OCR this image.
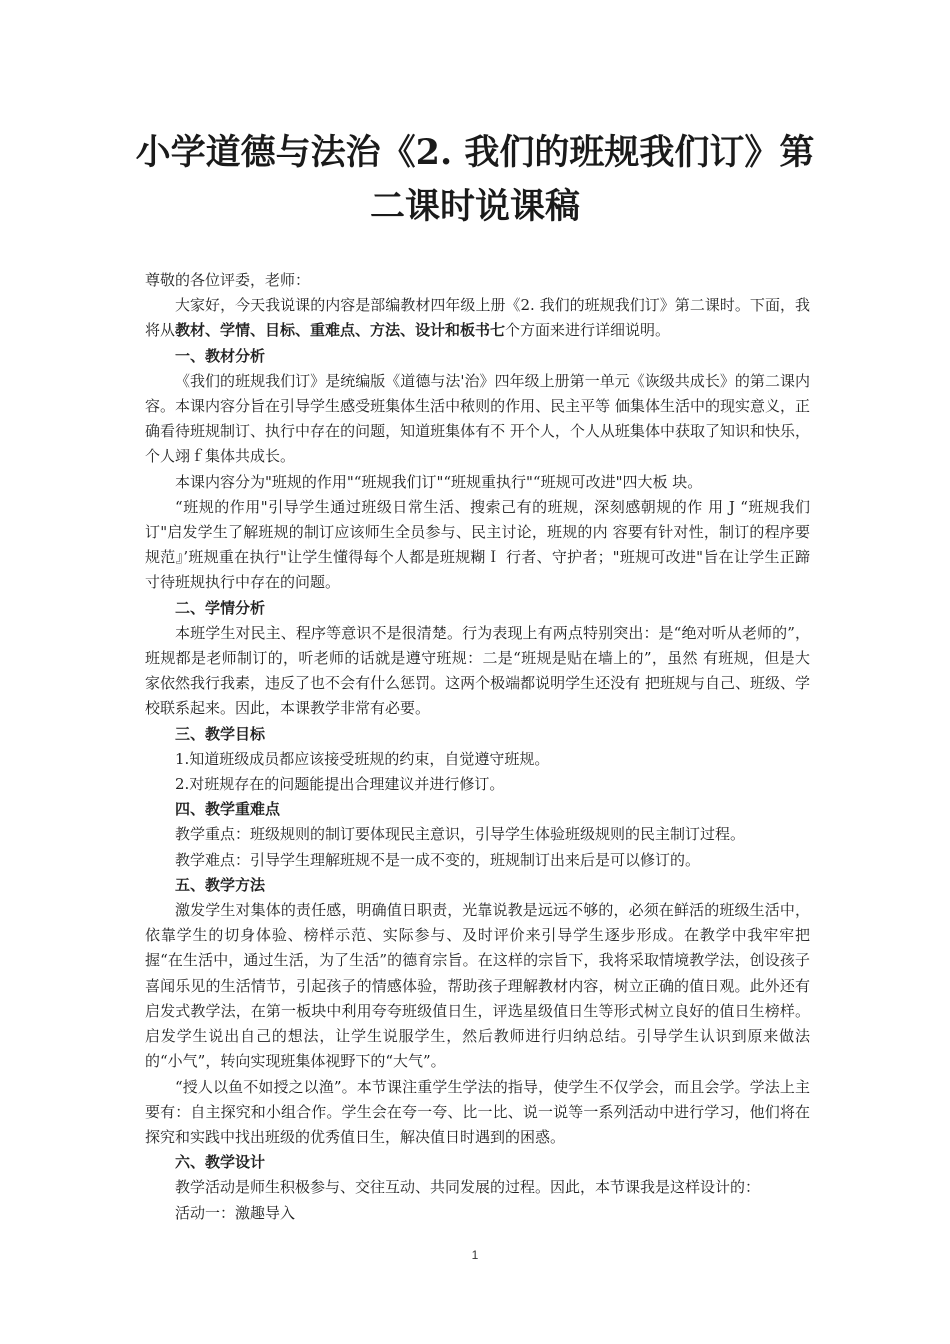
小学道德与法治《2. 我们的班规我们订》第二课时说课稿

尊敬的各位评委，老师：

大家好，今天我说课的内容是部编教材四年级上册《2. 我们的班规我们订》第二课时。下面，我将从教材、学情、目标、重难点、方法、设计和板书七个方面来进行详细说明。

一、教材分析

《我们的班规我们订》是统编版《道德与法'治》四年级上册第一单元《诙级共成长》的第二课内容。本课内容分旨在引导学生感受班集体生活中秾则的作用、民主平等 価集体生活中的现实意义，正确看待班规制订、执行中存在的问题，知道班集体有不 开个人，个人从班集体中获取了知识和快乐，个人翊ｆ集体共成长。

本课内容分为"班规的作用"“班规我们订"“班规重执行"“班规可改进"四大板 块。

“班规的作用"引导学生通过班级日常生活、搜索己有的班规，深刻感朝规的作 用 J “班规我们订"启发学生了解班规的制订应该师生全员参与、民主讨论，班规的内 容要有针对性，制订的程序要规范』’班规重在执行"让学生懂得每个人都是班规糊Ｉ 行者、守护者；"班规可改进"旨在让学生正蹄寸待班规执行中存在的问题。

二、学情分析

本班学生对民主、程序等意识不是很清楚。行为表现上有两点特别突出：是“绝对听从老师的”，班规都是老师制订的，听老师的话就是遵守班规：二是“班规是贴在墙上的”，虽然 有班规，但是大家依然我行我素，违反了也不会有什么惩罚。这两个极端都说明学生还没有 把班规与自己、班级、学校联系起来。因此，本课教学非常有必要。

三、教学目标

1.知道班级成员都应该接受班规的约束，自觉遵守班规。

2.对班规存在的问题能提出合理建议并进行修订。

四、教学重难点

教学重点：班级规则的制订要体现民主意识，引导学生体验班级规则的民主制订过程。

教学难点：引导学生理解班规不是一成不变的，班规制订出来后是可以修订的。

五、教学方法

激发学生对集体的责任感，明确值日职责，光靠说教是远远不够的，必须在鲜活的班级生活中，依靠学生的切身体验、榜样示范、实际参与、及时评价来引导学生逐步形成。在教学中我牢牢把握“在生活中，通过生活，为了生活”的德育宗旨。在这样的宗旨下，我将采取情境教学法，创设孩子喜闻乐见的生活情节，引起孩子的情感体验，帮助孩子理解教材内容，树立正确的值日观。此外还有启发式教学法，在第一板块中利用夸夸班级值日生，评选星级值日生等形式树立良好的值日生榜样。启发学生说出自己的想法，让学生说服学生，然后教师进行归纳总结。引导学生认识到原来做法的“小气”，转向实现班集体视野下的“大气”。

“授人以鱼不如授之以渔”。本节课注重学生学法的指导，使学生不仅学会，而且会学。学法上主要有：自主探究和小组合作。学生会在夸一夸、比一比、说一说等一系列活动中进行学习，他们将在探究和实践中找出班级的优秀值日生，解决值日时遇到的困惑。

六、教学设计

教学活动是师生积极参与、交往互动、共同发展的过程。因此，本节课我是这样设计的：

活动一：激趣导入

1
